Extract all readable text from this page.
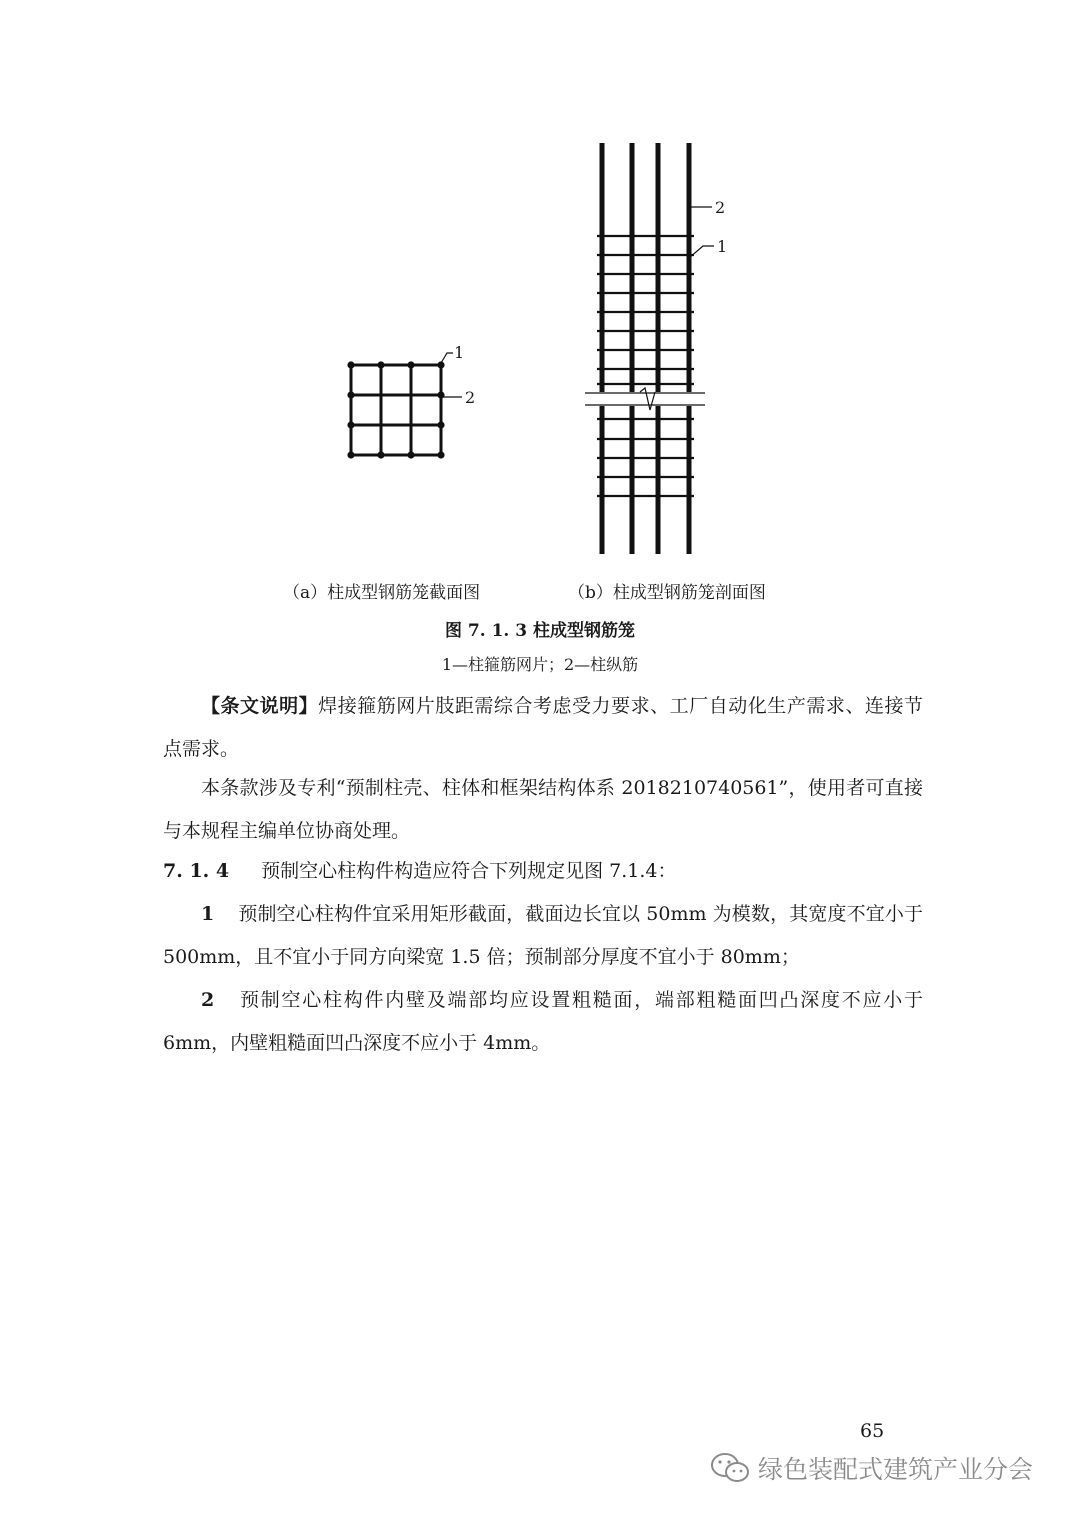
1
2
2
1
（a）柱成型钢筋笼截面图	（b）柱成型钢筋笼剖面图
图 7. 1. 3 柱成型钢筋笼
1—柱箍筋网片；2—柱纵筋

【条文说明】焊接箍筋网片肢距需综合考虑受力要求、工厂自动化生产需求、连接节点需求。

本条款涉及专利“预制柱壳、柱体和框架结构体系 2018210740561”，使用者可直接与本规程主编单位协商处理。

7. 1. 4 预制空心柱构件构造应符合下列规定见图 7.1.4：

1 预制空心柱构件宜采用矩形截面，截面边长宜以 50mm 为模数，其宽度不宜小于 500mm，且不宜小于同方向梁宽 1.5 倍；预制部分厚度不宜小于 80mm；

2 预制空心柱构件内壁及端部均应设置粗糙面，端部粗糙面凹凸深度不应小于 6mm，内壁粗糙面凹凸深度不应小于 4mm。

65
绿色装配式建筑产业分会
